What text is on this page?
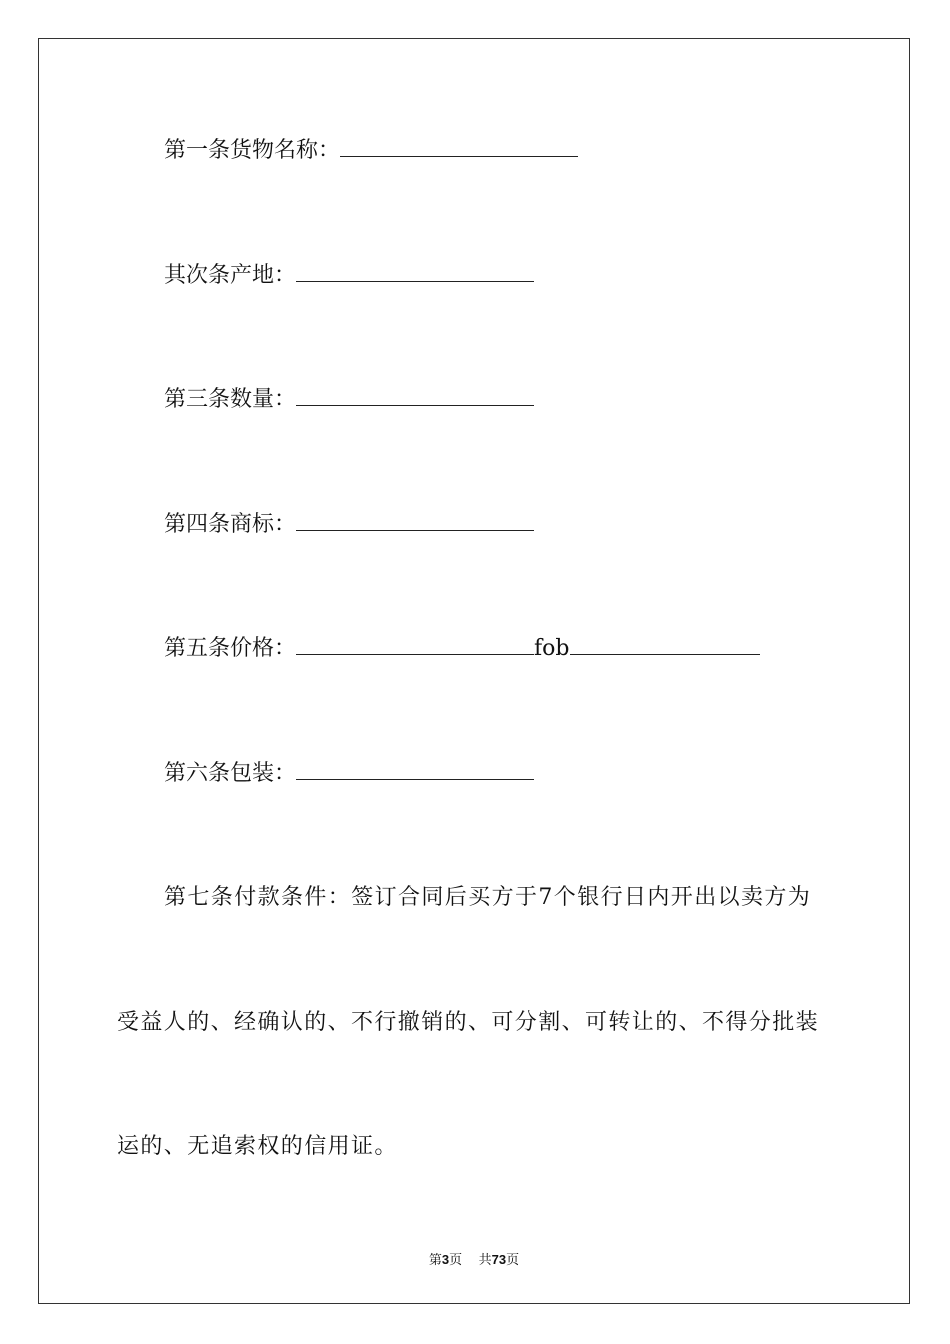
第一条货物名称：
其次条产地：
第三条数量：
第四条商标：
第五条价格：	fob
第六条包装：
第七条付款条件：签订合同后买方于7个银行日内开出以卖方为
受益人的、经确认的、不行撤销的、可分割、可转让的、不得分批装
运的、无追索权的信用证。
第3页 共73页
